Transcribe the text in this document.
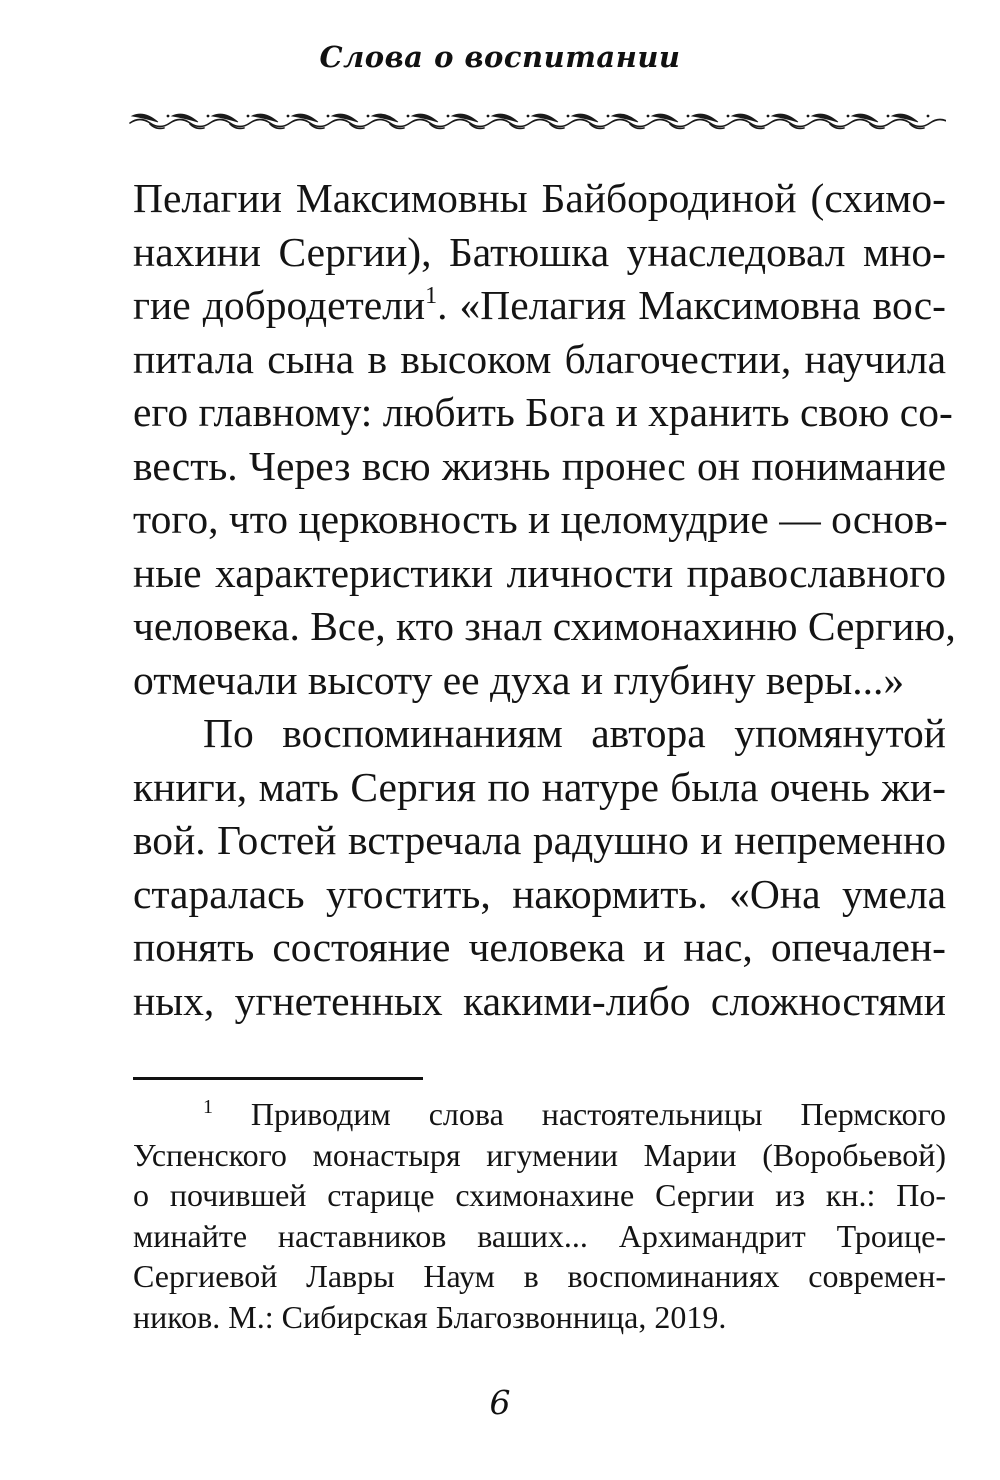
Слова о воспитании

Пелагии Максимовны Байбородиной (схимо-
нахини Сергии), Батюшка унаследовал мно-
гие добродетели$^1$. «Пелагия Максимовна вос-
питала сына в высоком благочестии, научила
его главному: любить Бога и хранить свою со-
весть. Через всю жизнь пронес он понимание
того, что церковность и целомудрие — основ-
ные характеристики личности православного
человека. Все, кто знал схимонахиню Сергию,
отмечали высоту ее духа и глубину веры...»

По воспоминаниям автора упомянутой
книги, мать Сергия по натуре была очень жи-
вой. Гостей встречала радушно и непременно
старалась угостить, накормить. «Она умела
понять состояние человека и нас, опечален-
ных, угнетенных какими-либо сложностями

$^1$ Приводим слова настоятельницы Пермского
Успенского монастыря игумении Марии (Воробьевой)
о почившей старице схимонахине Сергии из кн.: По-
минайте наставников ваших... Архимандрит Троице-
Сергиевой Лавры Наум в воспоминаниях современ-
ников. М.: Сибирская Благозвонница, 2019.
6
